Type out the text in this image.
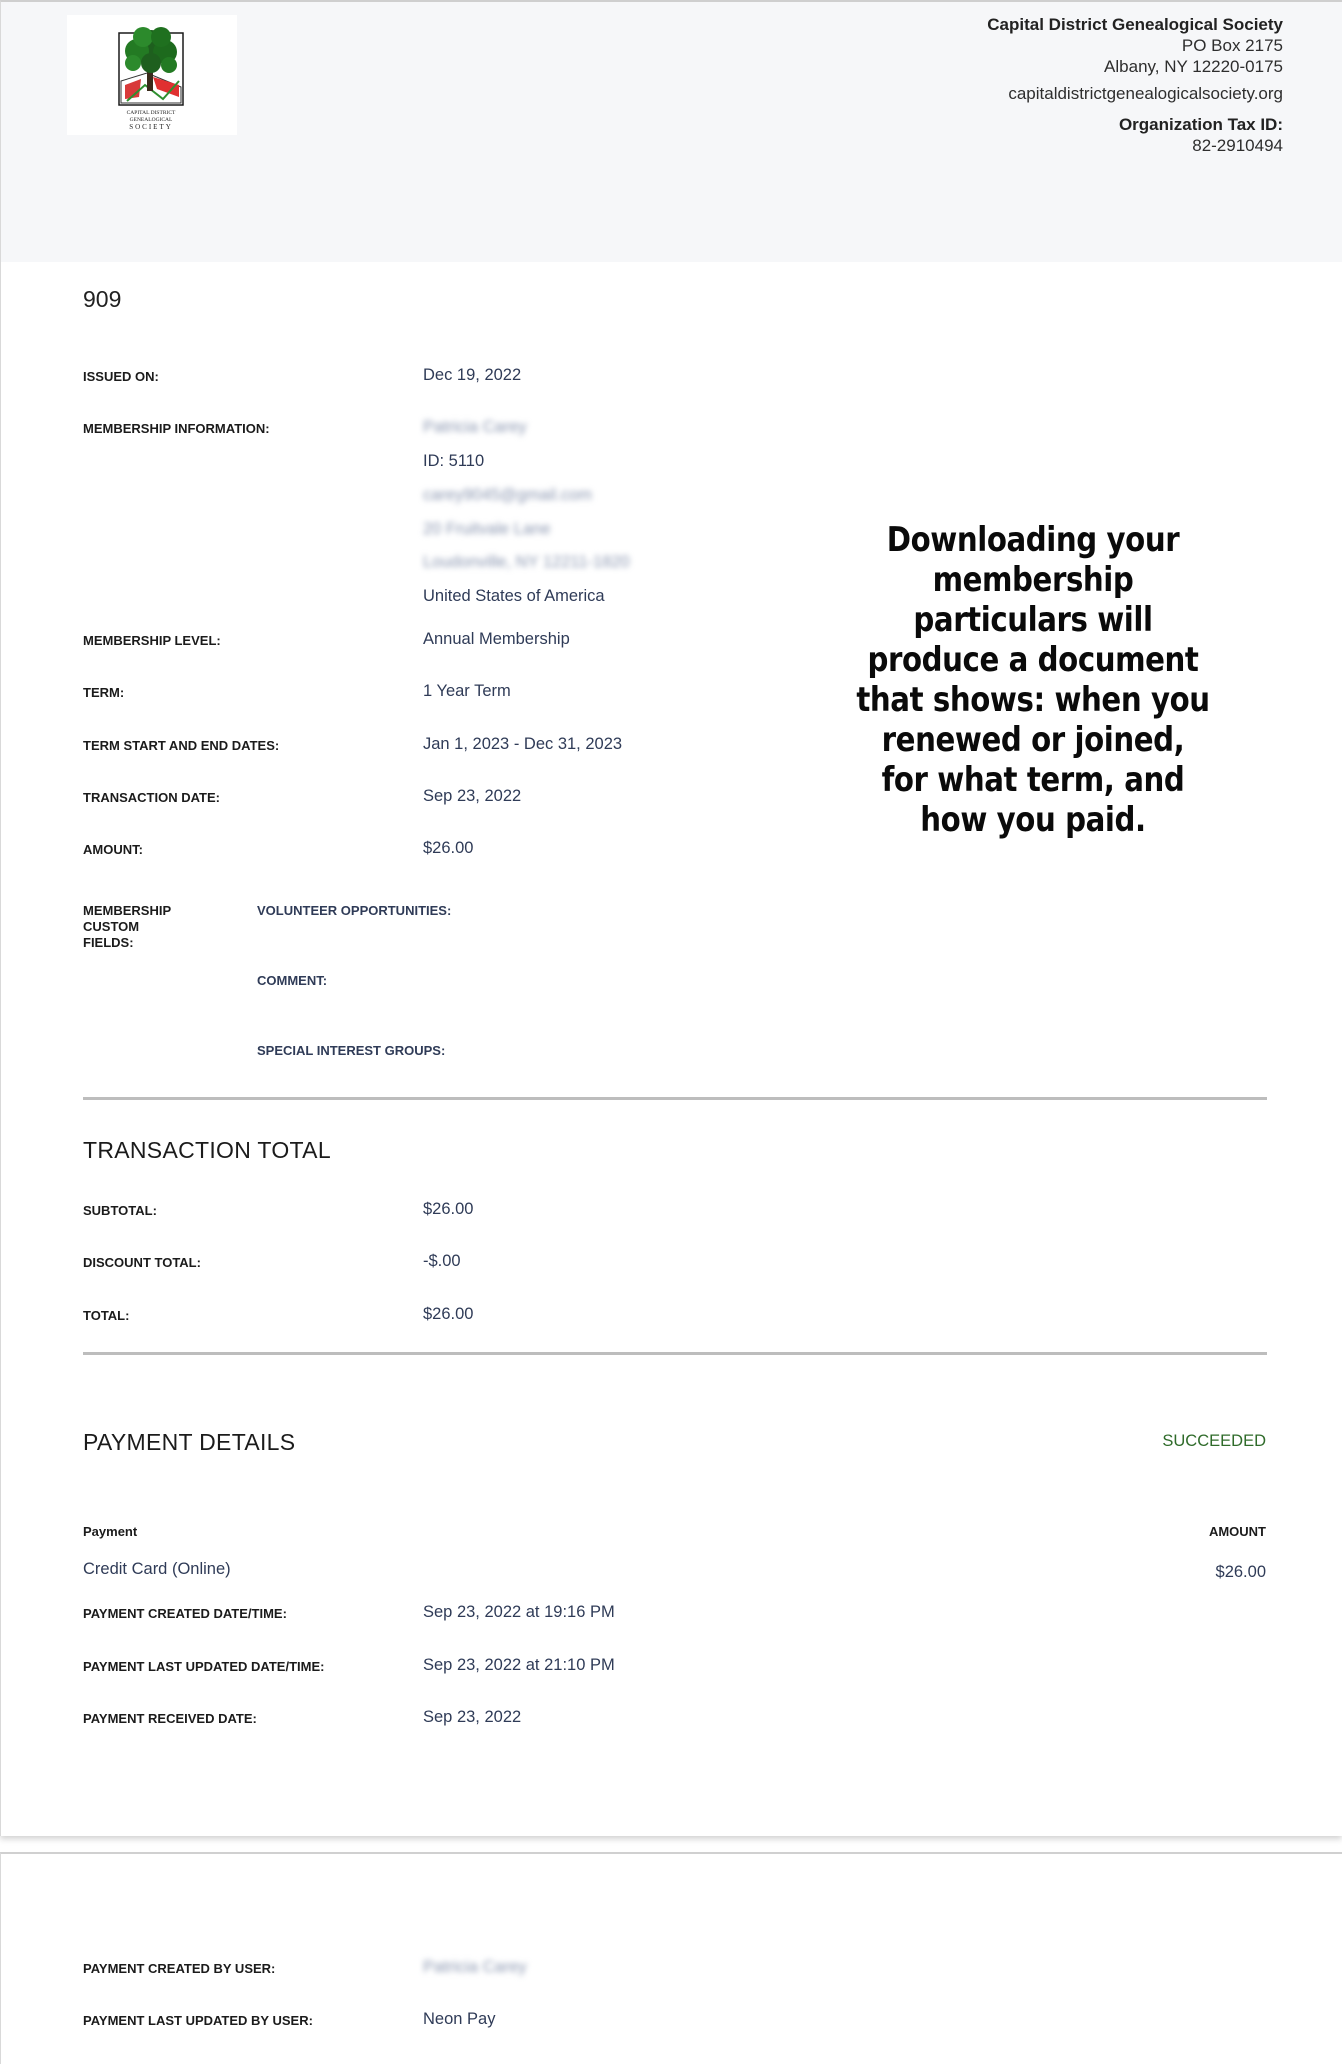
CAPITAL DISTRICT
GENEALOGICAL
SOCIETY
Capital District Genealogical Society
PO Box 2175
Albany, NY 12220-0175
capitaldistrictgenealogicalsociety.org
Organization Tax ID:
82-2910494
909
ISSUED ON:	Dec 19, 2022
MEMBERSHIP INFORMATION:	Patricia Carey
ID: 5110
carey9045@gmail.com
20 Fruitvale Lane
Loudonville, NY 12211-1820
United States of America
MEMBERSHIP LEVEL:	Annual Membership
TERM:	1 Year Term
TERM START AND END DATES:	Jan 1, 2023 - Dec 31, 2023
TRANSACTION DATE:	Sep 23, 2022
AMOUNT:	$26.00
MEMBERSHIP
CUSTOM
FIELDS:
VOLUNTEER OPPORTUNITIES:
COMMENT:
SPECIAL INTEREST GROUPS:
Downloading your membership particulars will produce a document that shows: when you renewed or joined, for what term, and how you paid.
TRANSACTION TOTAL
SUBTOTAL:	$26.00
DISCOUNT TOTAL:	-$.00
TOTAL:	$26.00
PAYMENT DETAILS	SUCCEEDED
Payment	AMOUNT
Credit Card (Online)	$26.00
PAYMENT CREATED DATE/TIME:	Sep 23, 2022 at 19:16 PM
PAYMENT LAST UPDATED DATE/TIME:	Sep 23, 2022 at 21:10 PM
PAYMENT RECEIVED DATE:	Sep 23, 2022
PAYMENT CREATED BY USER:	Patricia Carey
PAYMENT LAST UPDATED BY USER:	Neon Pay
